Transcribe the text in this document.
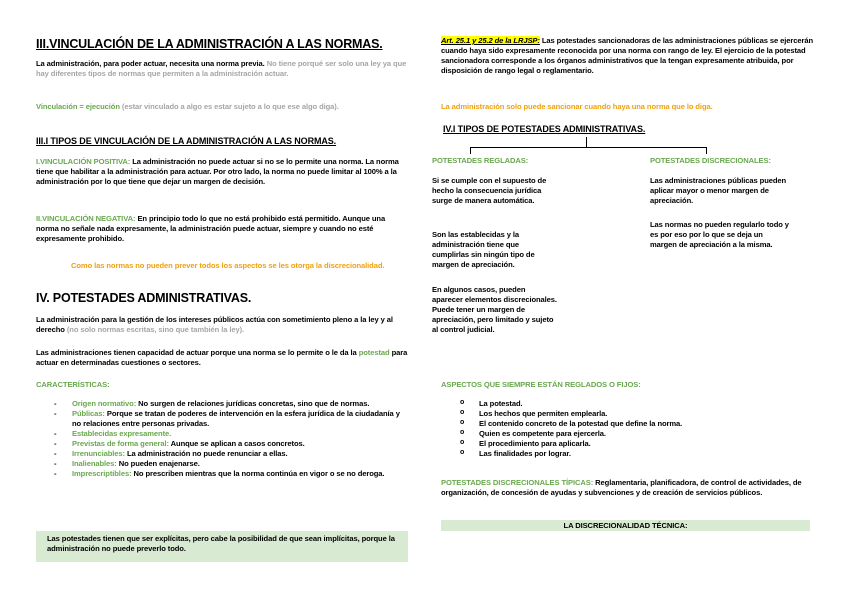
III.VINCULACIÓN DE LA ADMINISTRACIÓN A LAS NORMAS.

La administración, para poder actuar, necesita una norma previa. No tiene porqué ser solo una ley ya que hay diferentes tipos de normas que permiten a la administración actuar.

Vinculación = ejecución (estar vinculado a algo es estar sujeto a lo que ese algo diga).

III.I TIPOS DE VINCULACIÓN DE LA ADMINISTRACIÓN A LAS NORMAS.

I.VINCULACIÓN POSITIVA: La administración no puede actuar si no se lo permite una norma. La norma tiene que habilitar a la administración para actuar. Por otro lado, la norma no puede limitar al 100% a la administración por lo que tiene que dejar un margen de decisión.

II.VINCULACIÓN NEGATIVA: En principio todo lo que no está prohibido está permitido. Aunque una norma no señale nada expresamente, la administración puede actuar, siempre y cuando no esté expresamente prohibido.

Como las normas no pueden prever todos los aspectos se les otorga la discrecionalidad.

IV. POTESTADES ADMINISTRATIVAS.

La administración para la gestión de los intereses públicos actúa con sometimiento pleno a la ley y al derecho (no solo normas escritas, sino que también la ley).

Las administraciones tienen capacidad de actuar porque una norma se lo permite o le da la potestad para actuar en determinadas cuestiones o sectores.

CARACTERÍSTICAS:

- Origen normativo: No surgen de relaciones jurídicas concretas, sino que de normas.
- Públicas: Porque se tratan de poderes de intervención en la esfera jurídica de la ciudadanía y no relaciones entre personas privadas.
- Establecidas expresamente.
- Previstas de forma general: Aunque se aplican a casos concretos.
- Irrenunciables: La administración no puede renunciar a ellas.
- Inalienables: No pueden enajenarse.
- Imprescriptibles: No prescriben mientras que la norma continúa en vigor o se no deroga.
Las potestades tienen que ser explícitas, pero cabe la posibilidad de que sean implícitas, porque la administración no puede preverlo todo.

Art. 25.1 y 25.2 de la LRJSP: Las potestades sancionadoras de las administraciones públicas se ejercerán cuando haya sido expresamente reconocida por una norma con rango de ley. El ejercicio de la potestad sancionadora corresponde a los órganos administrativos que la tengan expresamente atribuida, por disposición de rango legal o reglamentario.

La administración solo puede sancionar cuando haya una norma que lo diga.

IV.I TIPOS DE POTESTADES ADMINISTRATIVAS.

POTESTADES REGLADAS:

Si se cumple con el supuesto de hecho la consecuencia jurídica surge de manera automática.

Son las establecidas y la administración tiene que cumplirlas sin ningún tipo de margen de apreciación.

En algunos casos, pueden aparecer elementos discrecionales. Puede tener un margen de apreciación, pero limitado y sujeto al control judicial.

POTESTADES DISCRECIONALES:

Las administraciones públicas pueden aplicar mayor o menor margen de apreciación.

Las normas no pueden regularlo todo y es por eso por lo que se deja un margen de apreciación a la misma.

ASPECTOS QUE SIEMPRE ESTÁN REGLADOS O FIJOS:

o La potestad.
o Los hechos que permiten emplearla.
o El contenido concreto de la potestad que define la norma.
o Quien es competente para ejercerla.
o El procedimiento para aplicarla.
o Las finalidades por lograr.

POTESTADES DISCRECIONALES TÍPICAS: Reglamentaria, planificadora, de control de actividades, de organización, de concesión de ayudas y subvenciones y de creación de servicios públicos.

LA DISCRECIONALIDAD TÉCNICA:
